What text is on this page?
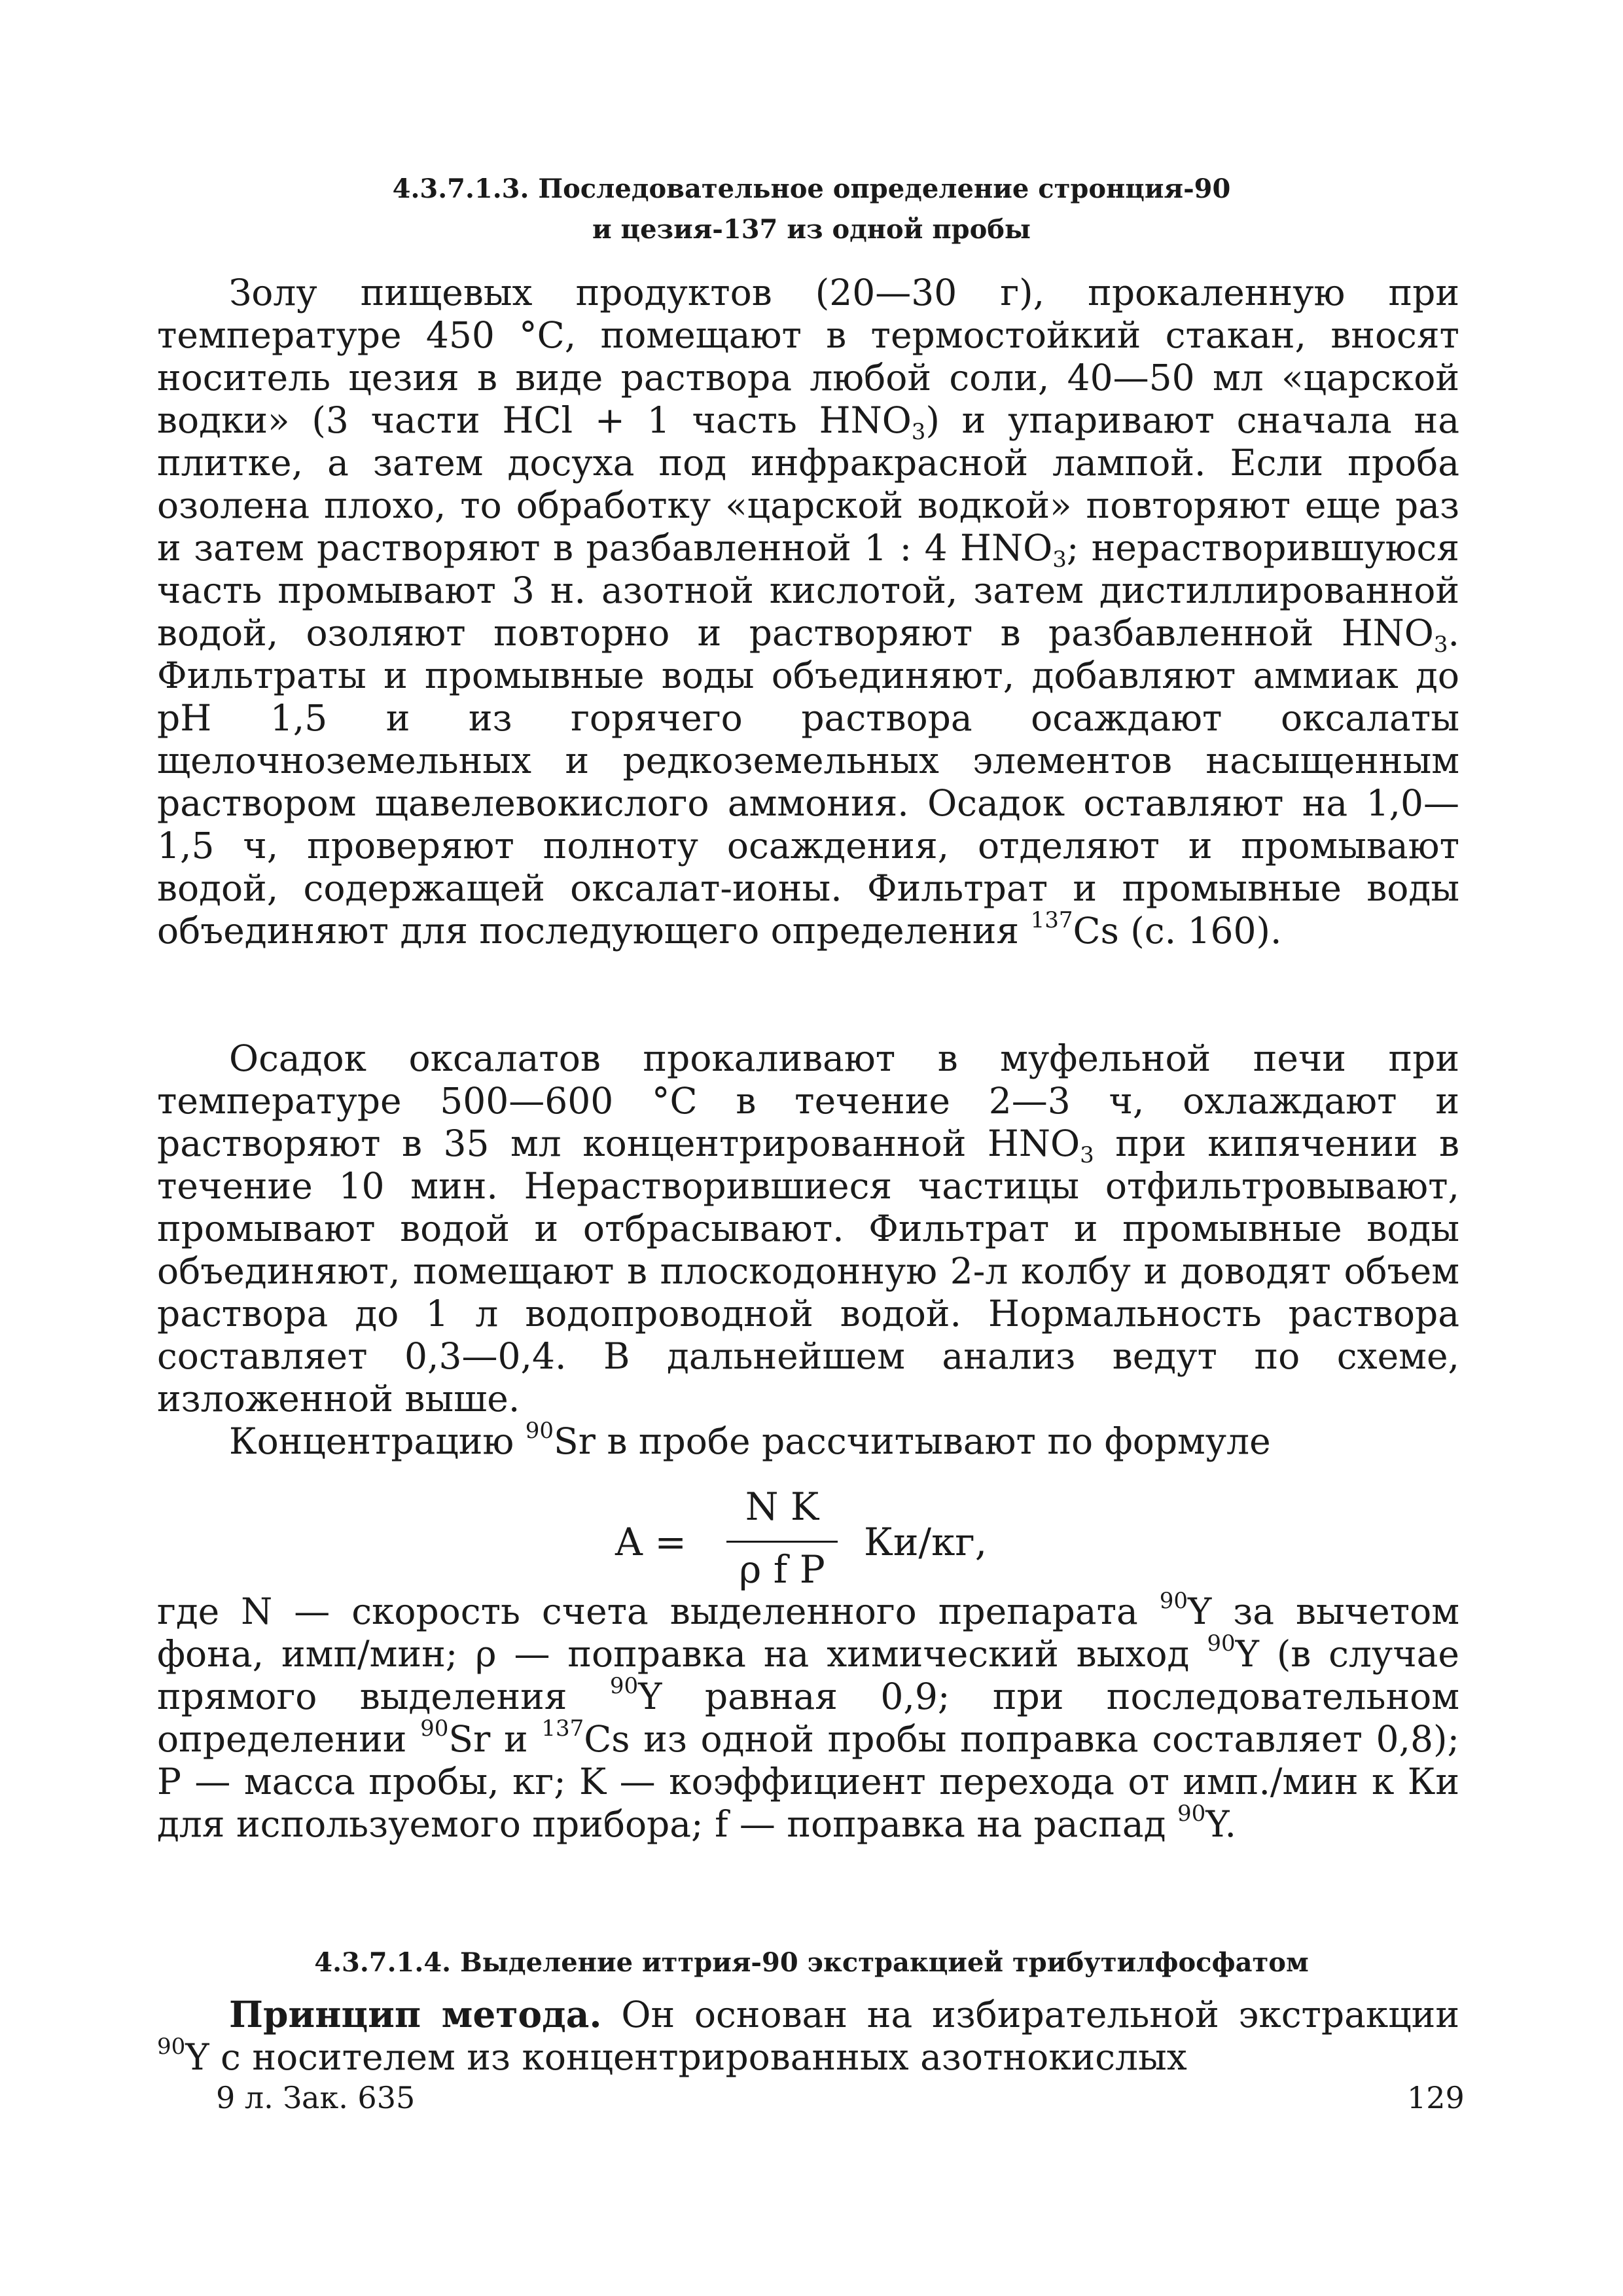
4.3.7.1.3. Последовательное определение стронция-90
и цезия-137 из одной пробы

Золу пищевых продуктов (20—30 г), прокаленную при температуре 450 °С, помещают в термостойкий стакан, вносят носитель цезия в виде раствора любой соли, 40—50 мл «царской водки» (3 части HCl + 1 часть $HNO_3$) и упаривают сначала на плитке, а затем досуха под инфракрасной лампой. Если проба озолена плохо, то обработку «царской водкой» повторяют еще раз и затем растворяют в разбавленной 1 : 4 $HNO_3$; нерастворившуюся часть промывают 3 н. азотной кислотой, затем дистиллированной водой, озоляют повторно и растворяют в разбавленной $HNO_3$. Фильтраты и промывные воды объединяют, добавляют аммиак до pH 1,5 и из горячего раствора осаждают оксалаты щелочноземельных и редкоземельных элементов насыщенным раствором щавелевокислого аммония. Осадок оставляют на 1,0—1,5 ч, проверяют полноту осаждения, отделяют и промывают водой, содержащей оксалат-ионы. Фильтрат и промывные воды объединяют для последующего определения $^{137}$Cs (с. 160).

Осадок оксалатов прокаливают в муфельной печи при температуре 500—600 °С в течение 2—3 ч, охлаждают и растворяют в 35 мл концентрированной $HNO_3$ при кипячении в течение 10 мин. Нерастворившиеся частицы отфильтровывают, промывают водой и отбрасывают. Фильтрат и промывные воды объединяют, помещают в плоскодонную 2-л колбу и доводят объем раствора до 1 л водопроводной водой. Нормальность раствора составляет 0,3—0,4. В дальнейшем анализ ведут по схеме, изложенной выше.

Концентрацию $^{90}$Sr в пробе рассчитывают по формуле

A =
N K
ρ f P
Ки/кг,

где N — скорость счета выделенного препарата $^{90}$Y за вычетом фона, имп/мин; ρ — поправка на химический выход $^{90}$Y (в случае прямого выделения $^{90}$Y равная 0,9; при последовательном определении $^{90}$Sr и $^{137}$Cs из одной пробы поправка составляет 0,8); P — масса пробы, кг; K — коэффициент перехода от имп./мин к Ки для используемого прибора; f — поправка на распад $^{90}$Y.

4.3.7.1.4. Выделение иттрия-90 экстракцией трибутилфосфатом

Принцип метода. Он основан на избирательной экстракции $^{90}$Y с носителем из концентрированных азотнокислых

9 л. Зак. 635	129
